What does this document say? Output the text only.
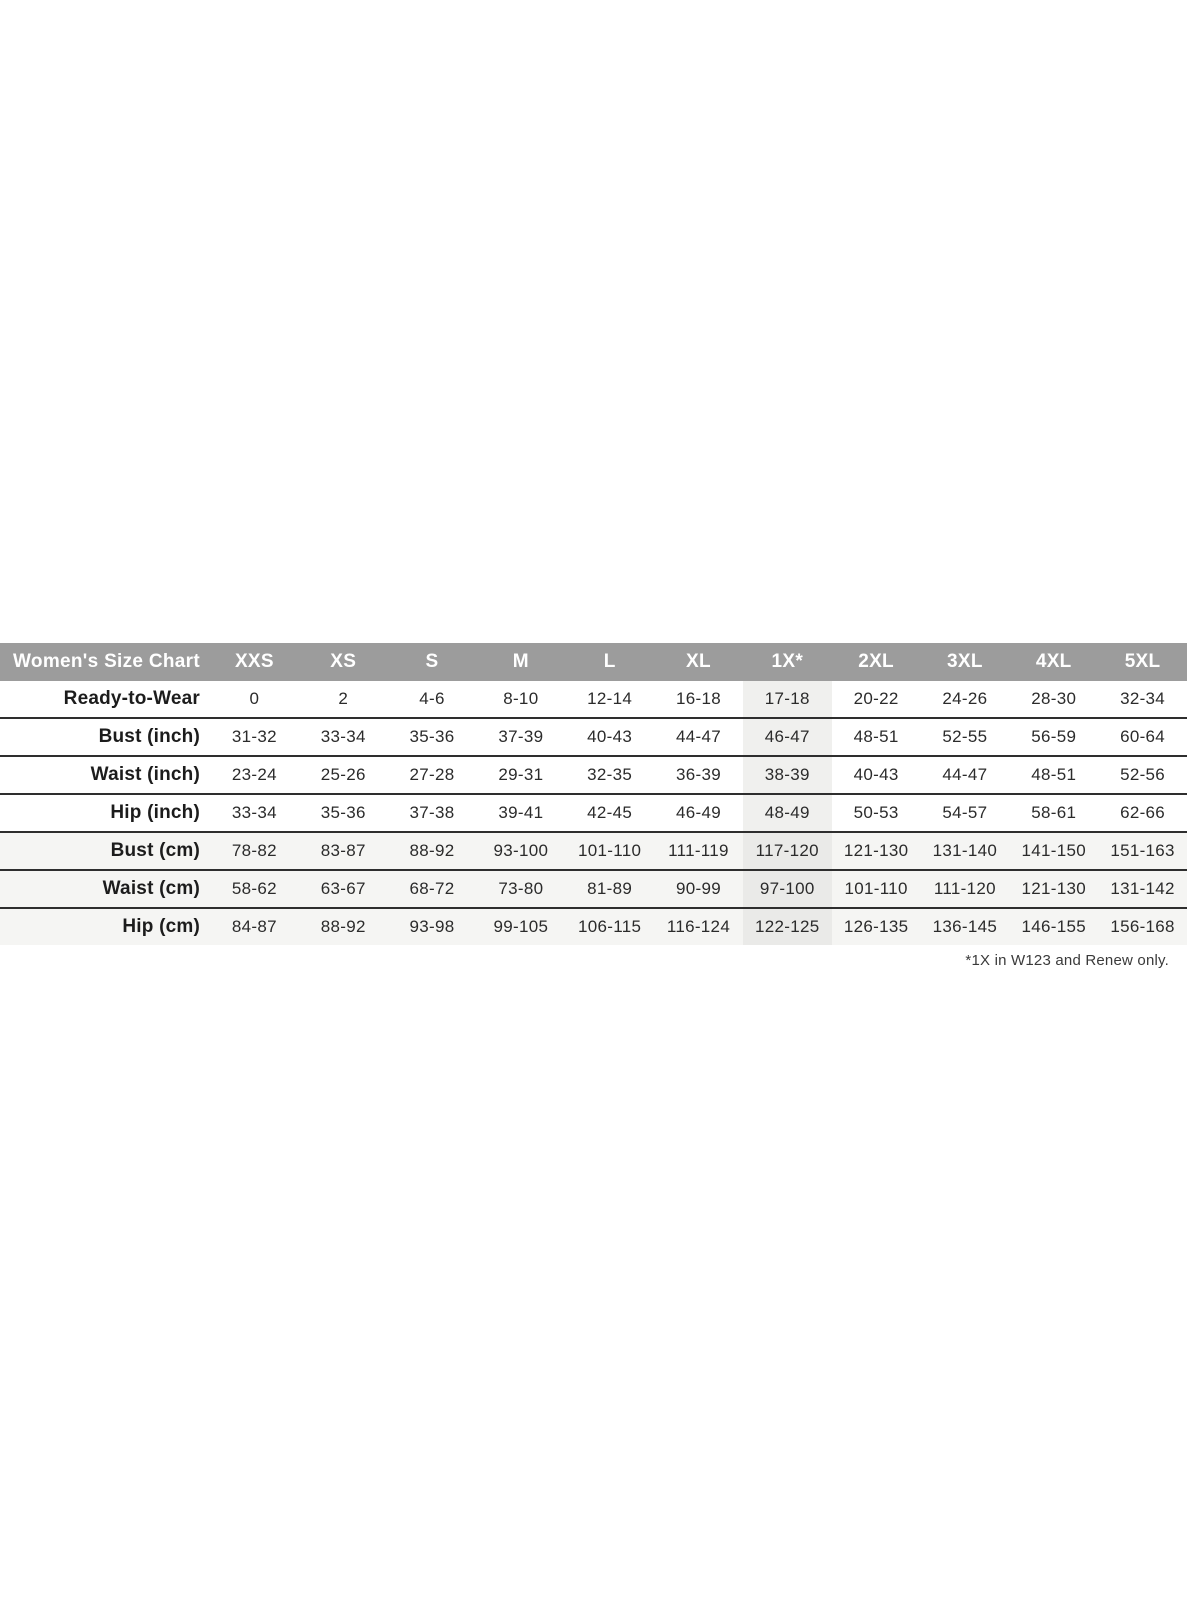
Women's Size Chart	XXS	XS	S	M	L	XL	1X*	2XL	3XL	4XL	5XL
Ready-to-Wear	0	2	4-6	8-10	12-14	16-18	17-18	20-22	24-26	28-30	32-34
Bust (inch)	31-32	33-34	35-36	37-39	40-43	44-47	46-47	48-51	52-55	56-59	60-64
Waist (inch)	23-24	25-26	27-28	29-31	32-35	36-39	38-39	40-43	44-47	48-51	52-56
Hip (inch)	33-34	35-36	37-38	39-41	42-45	46-49	48-49	50-53	54-57	58-61	62-66
Bust (cm)	78-82	83-87	88-92	93-100	101-110	111-119	117-120	121-130	131-140	141-150	151-163
Waist (cm)	58-62	63-67	68-72	73-80	81-89	90-99	97-100	101-110	111-120	121-130	131-142
Hip (cm)	84-87	88-92	93-98	99-105	106-115	116-124	122-125	126-135	136-145	146-155	156-168
*1X in W123 and Renew only.
